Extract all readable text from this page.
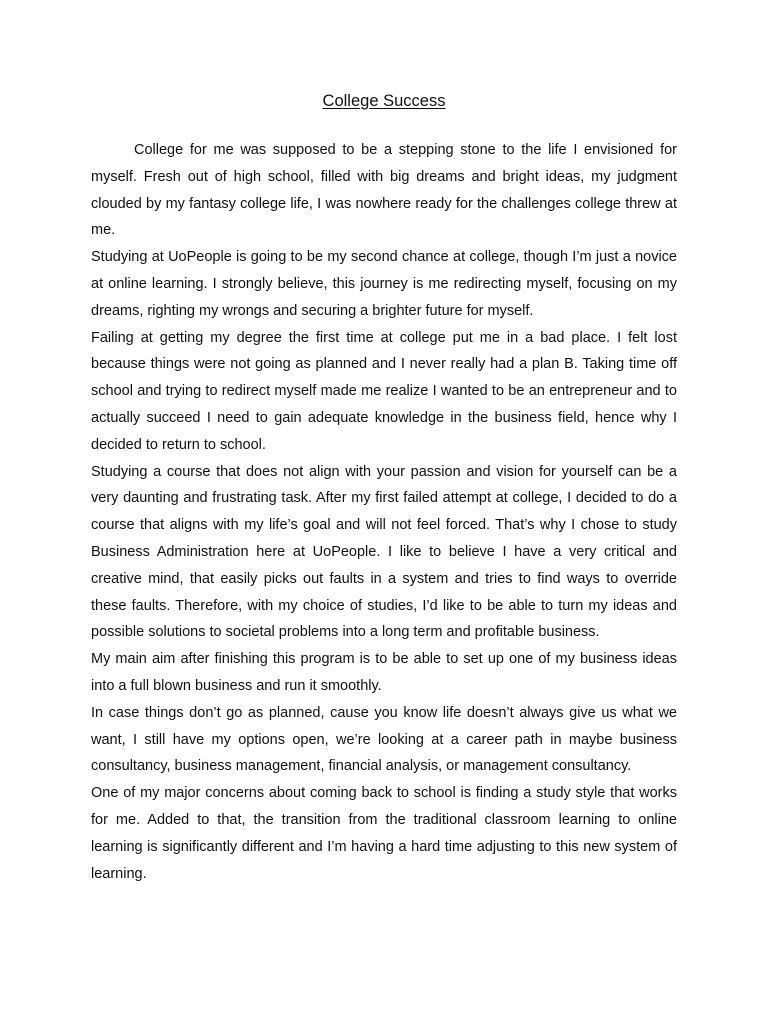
College Success

College for me was supposed to be a stepping stone to the life I envisioned for myself. Fresh out of high school, filled with big dreams and bright ideas, my judgment clouded by my fantasy college life, I was nowhere ready for the challenges college threw at me.

Studying at UoPeople is going to be my second chance at college, though I’m just a novice  at online learning. I strongly believe, this journey is me redirecting myself, focusing on my dreams, righting my wrongs and securing a brighter future for myself.

Failing at getting my degree the first time at college put me in a bad place. I felt lost because things were not going as planned and I never really had a plan B. Taking time off school and trying to redirect myself made me realize I wanted to be an entrepreneur and to actually succeed I need to gain adequate knowledge in the business field, hence why I decided to return to school.

Studying a course that does not align with your passion and vision for yourself can be a very daunting and frustrating task. After my first failed attempt at college, I decided to do a course that aligns with my life’s goal and will not feel forced. That’s why I chose to study Business Administration here at UoPeople. I like to believe I have a very critical and creative mind, that easily picks out faults in a system and tries to find ways to override these faults. Therefore, with my choice of studies, I’d like to be able to turn my ideas and possible solutions to societal problems into a long term and profitable business.

My main aim after finishing this program is to be able to set up one of my business ideas into a full blown business and run it smoothly.

In case things don’t go as planned, cause you know life doesn’t always give us what we want, I still have my options open, we’re looking at a career path in maybe business consultancy, business management, financial analysis, or management consultancy.

One of my major concerns about coming back to school is finding a study style that works for me. Added to that, the transition from the traditional classroom learning to online learning is significantly different and I’m having a hard time adjusting to this new system of learning.
